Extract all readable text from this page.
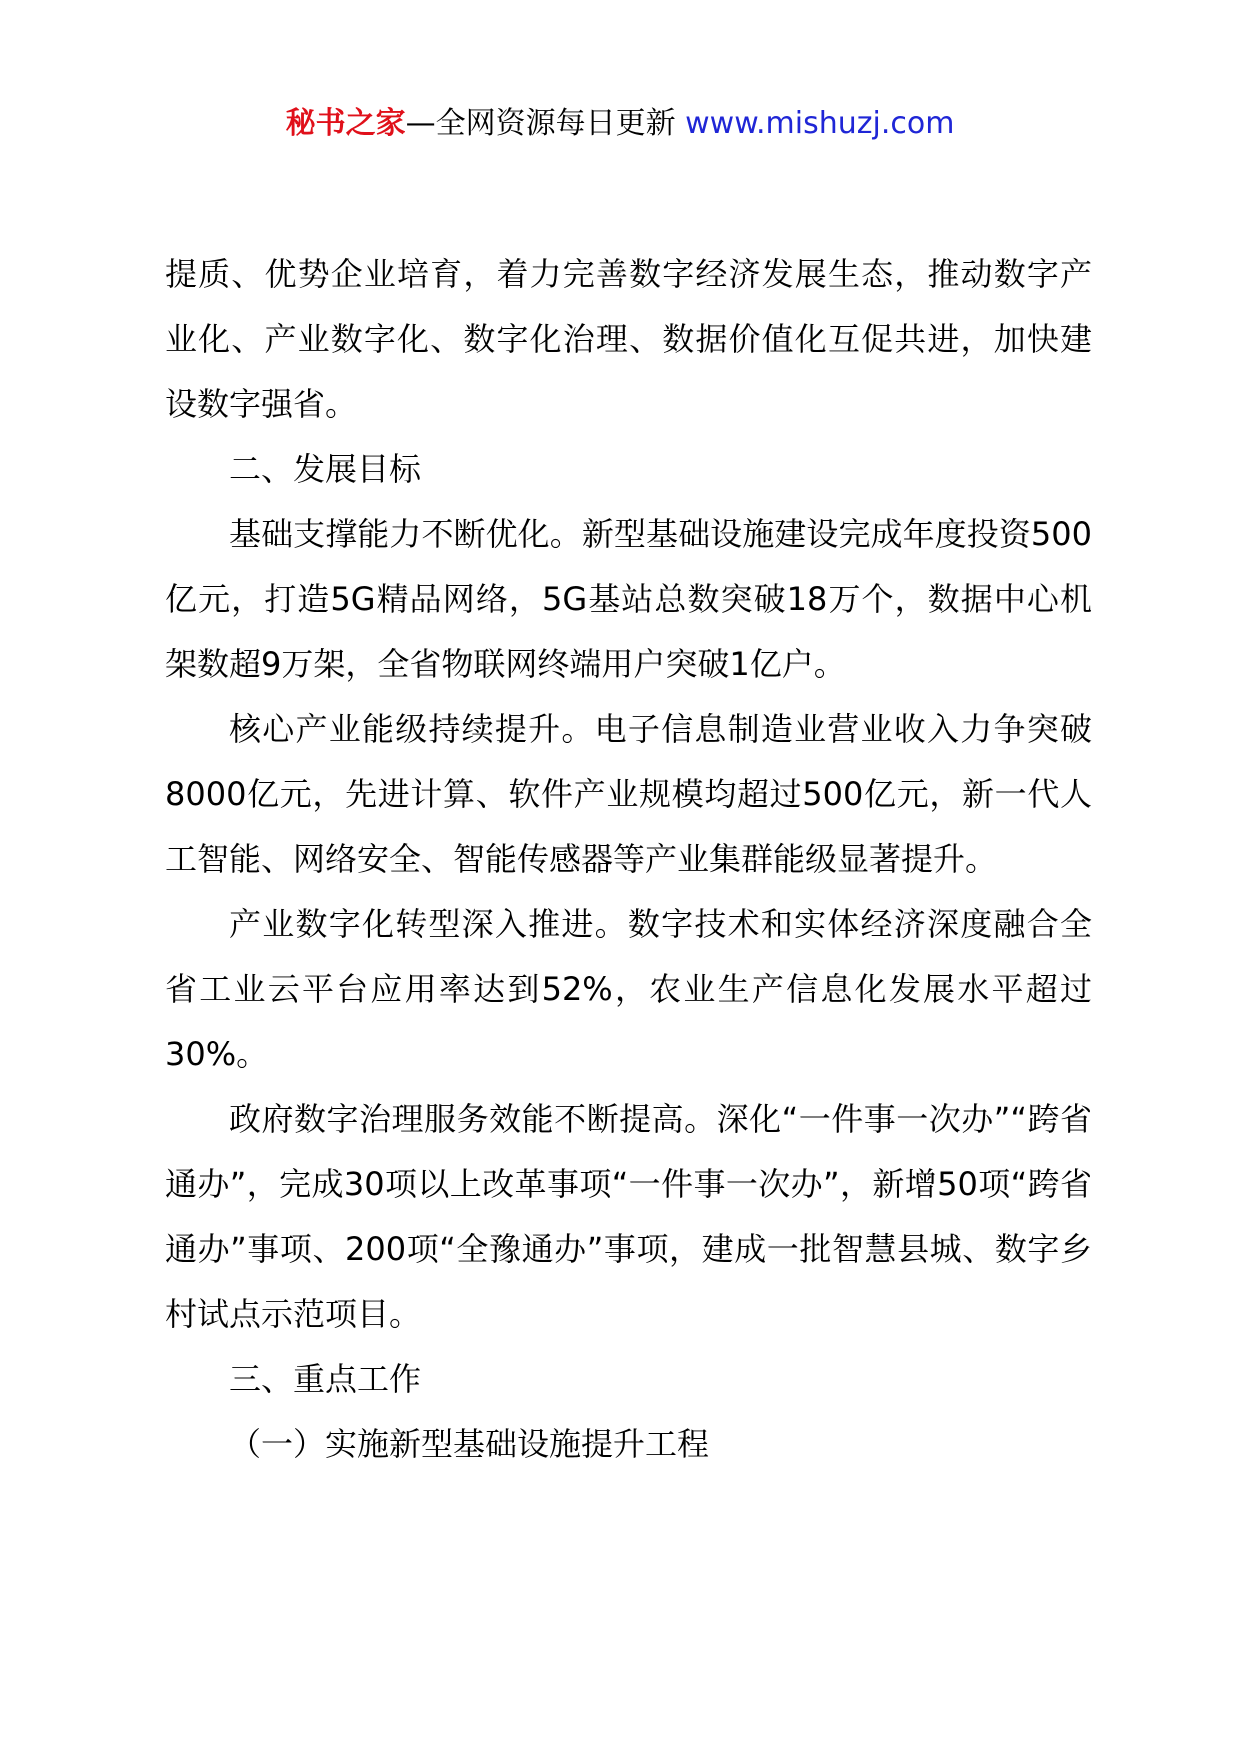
秘书之家—全网资源每日更新 www.mishuzj.com

提质、优势企业培育，着力完善数字经济发展生态，推动数字产业化、产业数字化、数字化治理、数据价值化互促共进，加快建设数字强省。

二、发展目标

基础支撑能力不断优化。新型基础设施建设完成年度投资500亿元，打造5G精品网络，5G基站总数突破18万个，数据中心机架数超9万架，全省物联网终端用户突破1亿户。

核心产业能级持续提升。电子信息制造业营业收入力争突破8000亿元，先进计算、软件产业规模均超过500亿元，新一代人工智能、网络安全、智能传感器等产业集群能级显著提升。

产业数字化转型深入推进。数字技术和实体经济深度融合全省工业云平台应用率达到52%，农业生产信息化发展水平超过30%。

政府数字治理服务效能不断提高。深化“一件事一次办”“跨省通办”，完成30项以上改革事项“一件事一次办”，新增50项“跨省通办”事项、200项“全豫通办”事项，建成一批智慧县城、数字乡村试点示范项目。

三、重点工作

（一）实施新型基础设施提升工程
